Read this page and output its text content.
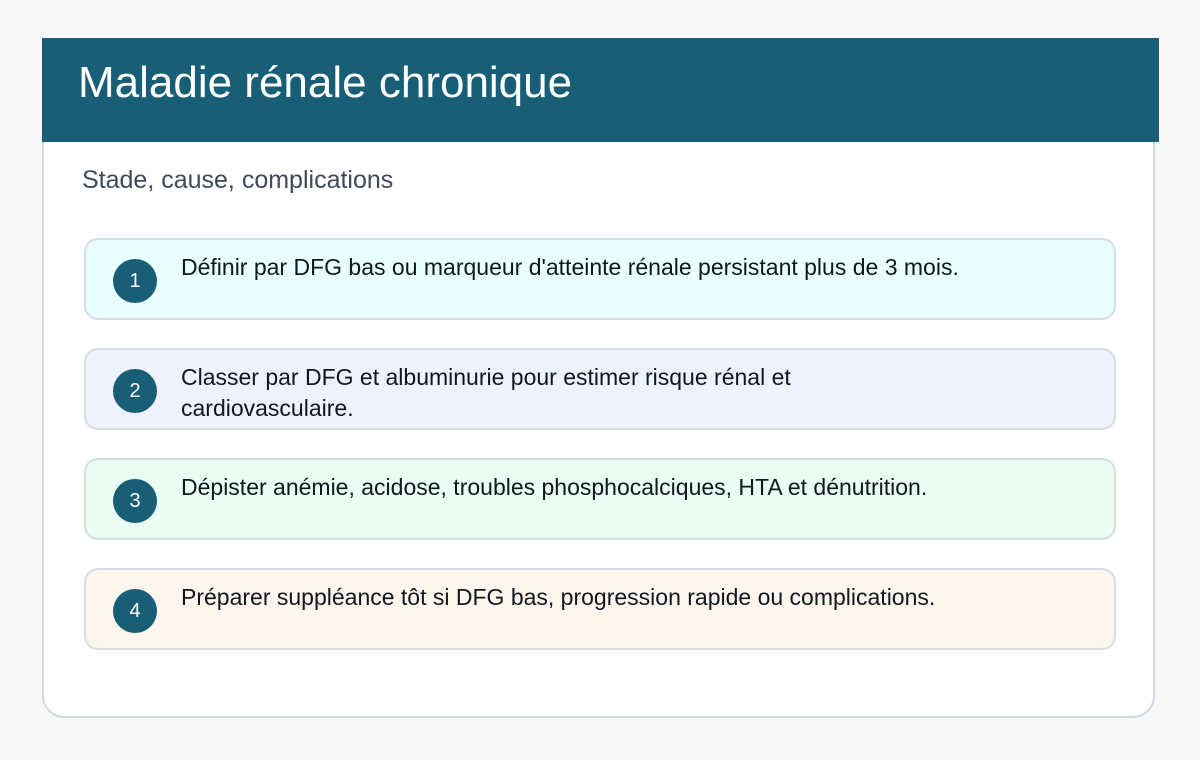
Maladie rénale chronique
Stade, cause, complications
1
Définir par DFG bas ou marqueur d'atteinte rénale persistant plus de 3 mois.
2
Classer par DFG et albuminurie pour estimer risque rénal et cardiovasculaire.
3
Dépister anémie, acidose, troubles phosphocalciques, HTA et dénutrition.
4
Préparer suppléance tôt si DFG bas, progression rapide ou complications.
